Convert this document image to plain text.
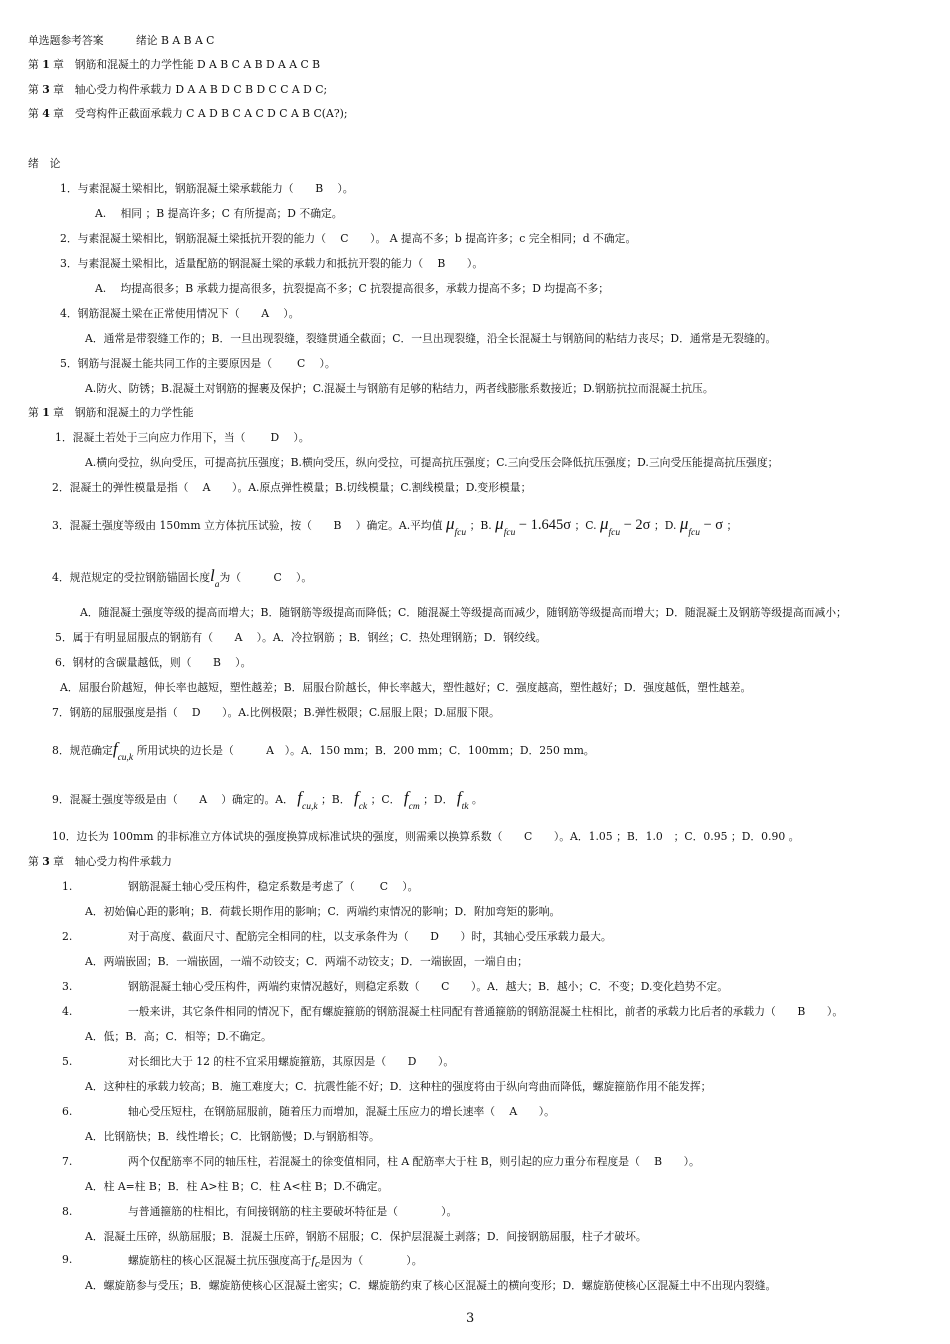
单选题参考答案　　　绪论 B A B A C
第 1 章　钢筋和混凝土的力学性能 D A B C A B D A A C B
第 3 章　轴心受力构件承载力 D A A B D C B D C C A D C;
第 4 章　受弯构件正截面承载力 C A D B C A C D C A B C(A?);
绪　论
1．与素混凝土梁相比，钢筋混凝土梁承载能力（　　B　 ）。
A.　 相同 ；B 提高许多；C 有所提高；D 不确定。
2．与素混凝土梁相比，钢筋混凝土梁抵抗开裂的能力（　 C　　）。 A 提高不多；b 提高许多；c 完全相同；d 不确定。
3．与素混凝土梁相比，适量配筋的钢混凝土梁的承载力和抵抗开裂的能力（　 B　　）。
A.　 均提高很多；B 承载力提高很多，抗裂提高不多；C 抗裂提高很多，承载力提高不多；D 均提高不多；
4．钢筋混凝土梁在正常使用情况下（　　A　 ）。
A．通常是带裂缝工作的；B．一旦出现裂缝，裂缝贯通全截面；C．一旦出现裂缝，沿全长混凝土与钢筋间的粘结力丧尽；D．通常是无裂缝的。
5．钢筋与混凝土能共同工作的主要原因是（　　 C　 ）。
A.防火、防锈；B.混凝土对钢筋的握裹及保护；C.混凝土与钢筋有足够的粘结力，两者线膨胀系数接近；D.钢筋抗拉而混凝土抗压。
第 1 章　钢筋和混凝土的力学性能
1．混凝土若处于三向应力作用下，当（　　 D　 ）。
A.横向受拉，纵向受压，可提高抗压强度；B.横向受压，纵向受拉，可提高抗压强度；C.三向受压会降低抗压强度；D.三向受压能提高抗压强度；
2．混凝土的弹性模量是指（　 A　　）。A.原点弹性模量；B.切线模量；C.割线模量；D.变形模量；
3．混凝土强度等级由 150mm 立方体抗压试验，按（　　B　 ）确定。A.平均值 μfcu ；B. μfcu − 1.645σ ；C. μfcu − 2σ ；D. μfcu − σ ；
4．规范规定的受拉钢筋锚固长度la为（　　　C　 ）。
A．随混凝土强度等级的提高而增大；B．随钢筋等级提高而降低；C．随混凝土等级提高而减少，随钢筋等级提高而增大；D．随混凝土及钢筋等级提高而减小；
5．属于有明显屈服点的钢筋有（　　A　 ）。A．冷拉钢筋 ；B．钢丝；C．热处理钢筋；D．钢绞线。
6．钢材的含碳量越低，则（　　B　 ）。
A．屈服台阶越短，伸长率也越短，塑性越差；B．屈服台阶越长，伸长率越大，塑性越好；C．强度越高，塑性越好；D．强度越低，塑性越差。
7．钢筋的屈服强度是指（　 D　　）。A.比例极限；B.弹性极限；C.屈服上限；D.屈服下限。
8．规范确定fcu,k 所用试块的边长是（　　　A　）。A．150 mm；B．200 mm；C．100mm；D．250 mm。
9．混凝土强度等级是由（　　A　 ）确定的。A． fcu,k ；B． fck ；C． fcm ；D． ftk 。
10．边长为 100mm 的非标准立方体试块的强度换算成标准试块的强度，则需乘以换算系数（　　C　　）。A．1.05 ；B．1.0　；C．0.95 ；D．0.90 。
第 3 章　轴心受力构件承载力
1.	钢筋混凝土轴心受压构件，稳定系数是考虑了（　　 C　 ）。
A．初始偏心距的影响；B．荷载长期作用的影响；C．两端约束情况的影响；D．附加弯矩的影响。
2.	对于高度、截面尺寸、配筋完全相同的柱，以支承条件为（　　D　　）时，其轴心受压承载力最大。
A．两端嵌固；B．一端嵌固，一端不动铰支；C．两端不动铰支；D．一端嵌固，一端自由；
3.	钢筋混凝土轴心受压构件，两端约束情况越好，则稳定系数（　　C　　）。A．越大；B．越小；C．不变；D.变化趋势不定。
4.	一般来讲，其它条件相同的情况下，配有螺旋箍筋的钢筋混凝土柱同配有普通箍筋的钢筋混凝土柱相比，前者的承载力比后者的承载力（　　B　　）。
A．低；B．高；C．相等；D.不确定。
5.	对长细比大于 12 的柱不宜采用螺旋箍筋，其原因是（　　D　　）。
A．这种柱的承载力较高；B．施工难度大；C．抗震性能不好；D．这种柱的强度将由于纵向弯曲而降低，螺旋箍筋作用不能发挥；
6.	轴心受压短柱，在钢筋屈服前，随着压力而增加，混凝土压应力的增长速率（　 A　　）。
A．比钢筋快；B．线性增长；C．比钢筋慢；D.与钢筋相等。
7.	两个仅配筋率不同的轴压柱，若混凝土的徐变值相同，柱 A 配筋率大于柱 B，则引起的应力重分布程度是（　 B　　）。
A．柱 A=柱 B；B．柱 A>柱 B；C．柱 A<柱 B；D.不确定。
8.	与普通箍筋的柱相比，有间接钢筋的柱主要破坏特征是（　　　　）。
A．混凝土压碎，纵筋屈服；B．混凝土压碎，钢筋不屈服；C．保护层混凝土剥落；D．间接钢筋屈服，柱子才破坏。
9.	螺旋筋柱的核心区混凝土抗压强度高于$f_c$是因为（　　　　）。
A．螺旋筋参与受压；B．螺旋筋使核心区混凝土密实；C．螺旋筋约束了核心区混凝土的横向变形；D．螺旋筋使核心区混凝土中不出现内裂缝。
3
